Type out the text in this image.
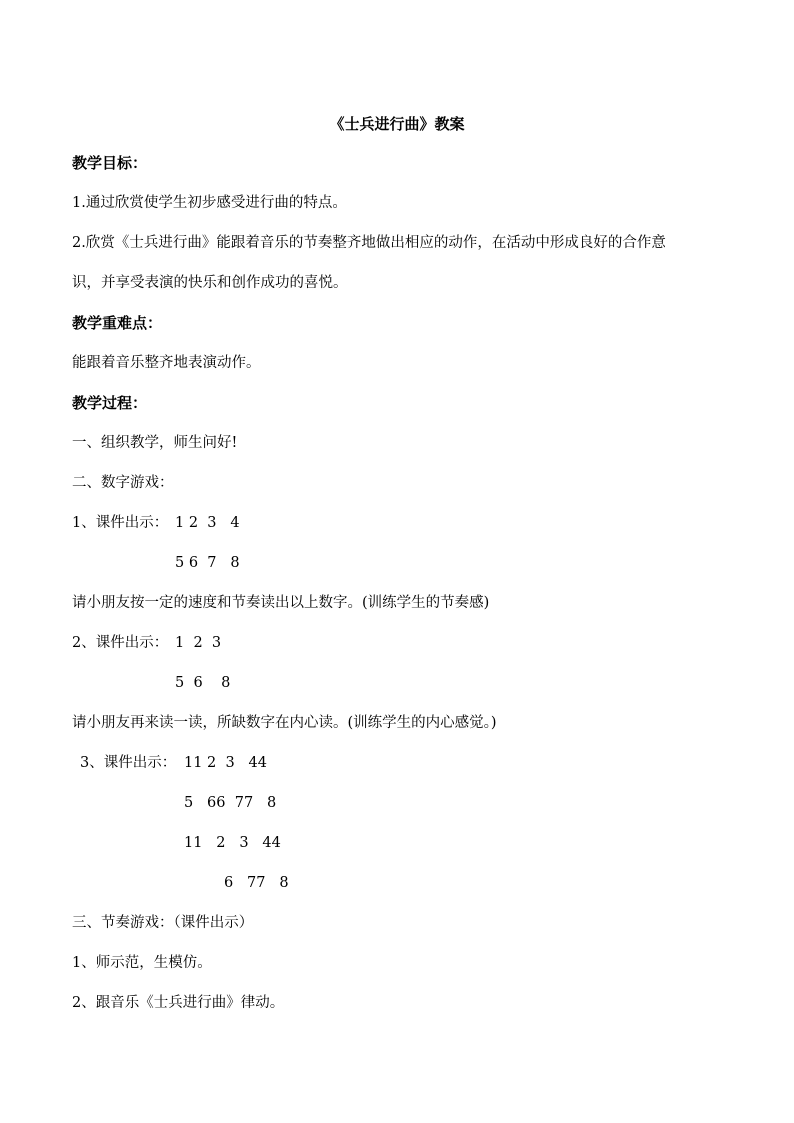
《士兵进行曲》教案
教学目标：
1.通过欣赏使学生初步感受进行曲的特点。
2.欣赏《士兵进行曲》能跟着音乐的节奏整齐地做出相应的动作，在活动中形成良好的合作意
识，并享受表演的快乐和创作成功的喜悦。
教学重难点：
能跟着音乐整齐地表演动作。
教学过程：
一、组织教学，师生问好!
二、数字游戏：
1、课件出示： 1 2  3   4
5 6  7   8
请小朋友按一定的速度和节奏读出以上数字。(训练学生的节奏感)
2、课件出示： 1  2  3
5  6    8
请小朋友再来读一读，所缺数字在内心读。(训练学生的内心感觉。)
3、课件出示： 11 2  3   44
5   66  77   8
11   2   3   44
6   77   8
三、节奏游戏：（课件出示）
1、师示范，生模仿。
2、跟音乐《士兵进行曲》律动。
